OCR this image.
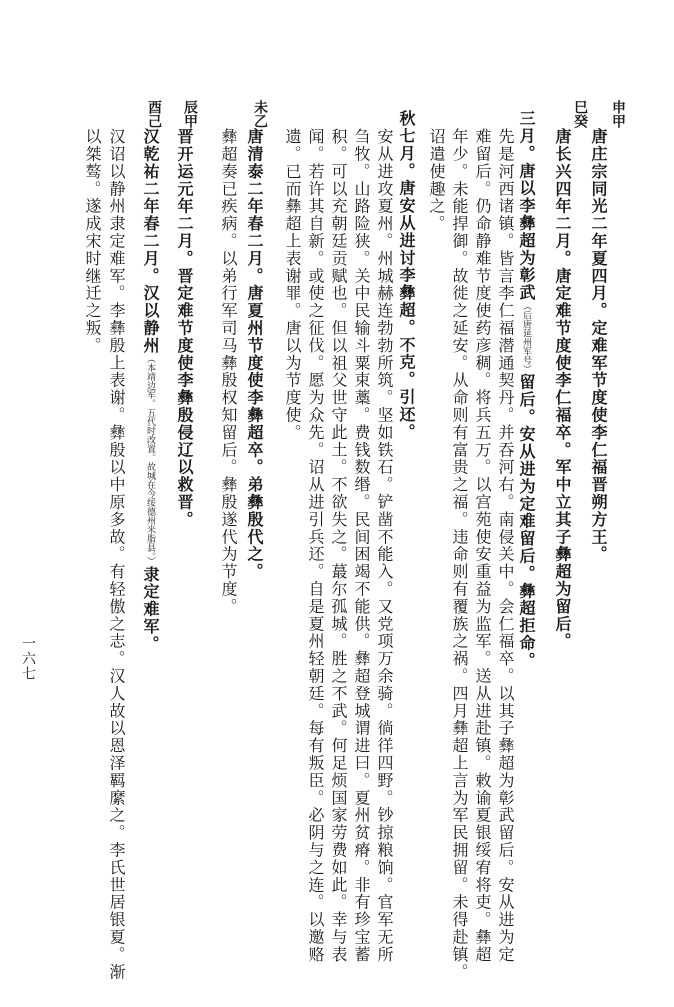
申甲
巳癸
未乙
辰甲
酉己
唐庄宗同光二年夏四月。定难军节度使李仁福晋朔方王。
唐长兴四年二月。唐定难节度使李仁福卒。军中立其子彝超为留后。
三月。唐以李彝超为彰武（后唐延州军号）留后。安从进为定难留后。彝超拒命。
先是河西诸镇。皆言李仁福潜通契丹。并吞河右。南侵关中。会仁福卒。以其子彝超为彰武留后。安从进为定
难留后。仍命静难节度使药彦稠。将兵五万。以宫苑使安重益为监军。送从进赴镇。敕谕夏银绥宥将吏。彝超
年少。未能捍御。故徙之延安。从命则有富贵之福。违命则有覆族之祸。四月彝超上言为军民拥留。未得赴镇。
诏遣使趣之。
秋七月。唐安从进讨李彝超。不克。引还。
安从进攻夏州。州城赫连勃勃所筑。坚如铁石。铲凿不能入。又党项万余骑。徜徉四野。钞掠粮饷。官军无所
刍牧。山路险狭。关中民输斗粟束藁。费钱数缗。民间困竭不能供。彝超登城谓进曰。夏州贫瘠。非有珍宝蓄
积。可以充朝廷贡赋也。但以祖父世守此土。不欲失之。蕞尔孤城。胜之不武。何足烦国家劳费如此。幸与表
闻。若许其自新。或使之征伐。愿为众先。诏从进引兵还。自是夏州轻朝廷。每有叛臣。必阴与之连。以邀赂
遗。已而彝超上表谢罪。唐以为节度使。
唐清泰二年春二月。唐夏州节度使李彝超卒。弟彝殷代之。
彝超奏已疾病。以弟行军司马彝殷权知留后。彝殷遂代为节度。
晋开运元年二月。晋定难节度使李彝殷侵辽以救晋。
汉乾祐二年春二月。汉以静州（本靖边军。五代时改置。故城在今绥德州米脂县。）隶定难军。
汉诏以静州隶定难军。李彝殷上表谢。彝殷以中原多故。有轻傲之志。汉人故以恩泽羁縻之。李氏世居银夏。渐
以桀骜。遂成宋时继迁之叛。
一六七
